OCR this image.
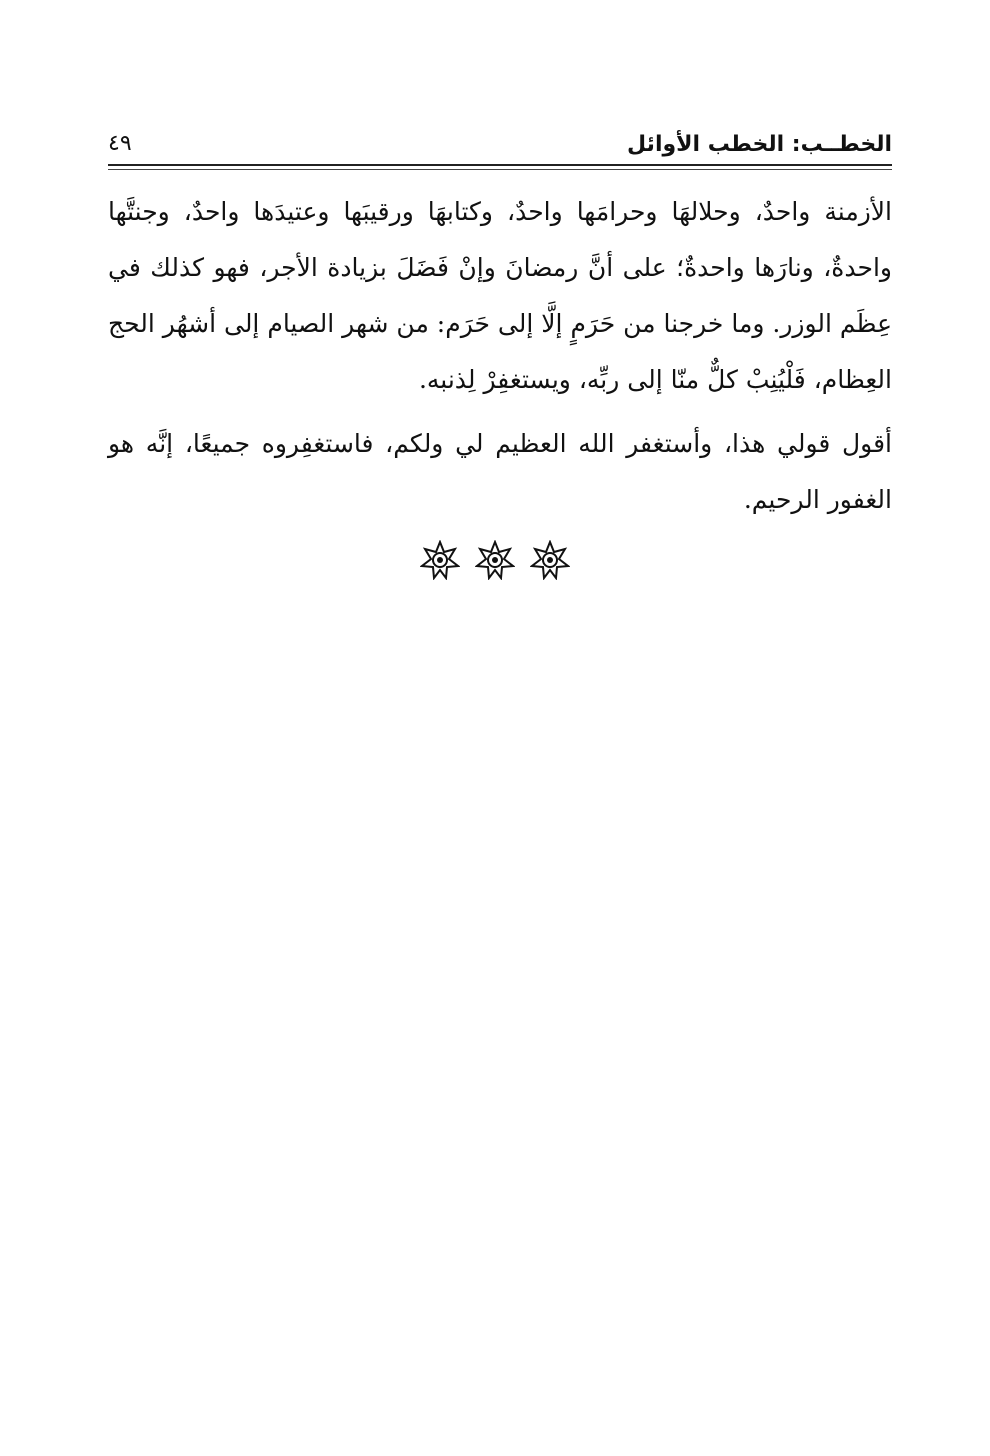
الخطــب: الخطب الأوائل
٤٩

الأزمنة واحدٌ، وحلالهَا وحرامَها واحدٌ، وكتابهَا ورقيبَها وعتيدَها واحدٌ، وجنتَّها واحدةٌ، ونارَها واحدةٌ؛ على أنَّ رمضانَ وإنْ فَضَلَ بزيادة الأجر، فهو كذلك في عِظَم الوزر. وما خرجنا من حَرَمٍ إلَّا إلى حَرَم: من شهر الصيام إلى أشهُر الحج العِظام، فَلْيُنِبْ كلٌّ منّا إلى ربِّه، ويستغفِرْ لِذنبه.

أقول قولي هذا، وأستغفر الله العظيم لي ولكم، فاستغفِروه جميعًا، إنَّه هو الغفور الرحيم.
